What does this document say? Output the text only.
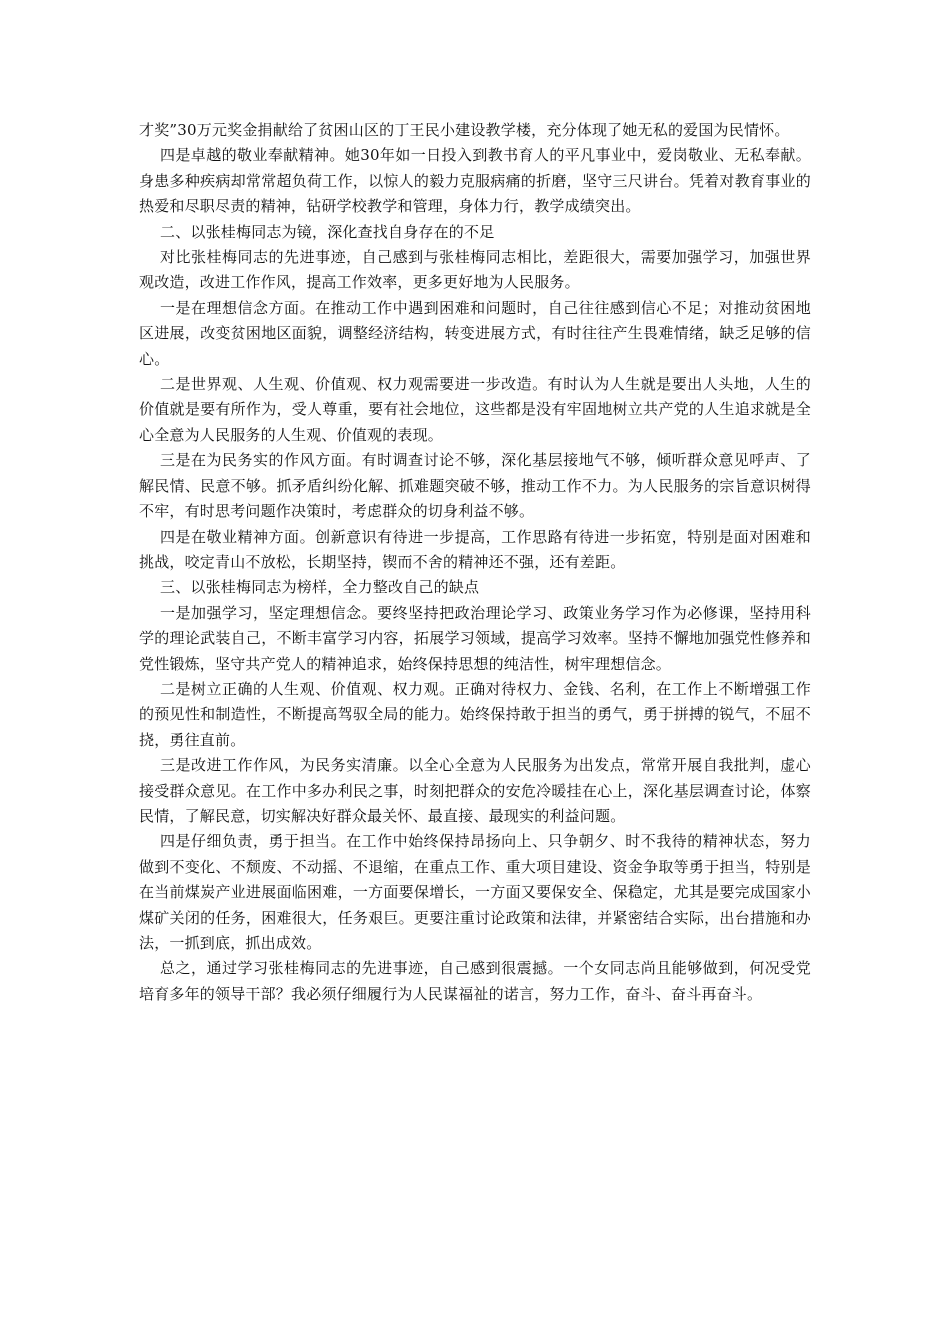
才奖”30万元奖金捐献给了贫困山区的丁王民小建设教学楼，充分体现了她无私的爱国为民情怀。

四是卓越的敬业奉献精神。她30年如一日投入到教书育人的平凡事业中，爱岗敬业、无私奉献。身患多种疾病却常常超负荷工作，以惊人的毅力克服病痛的折磨，坚守三尺讲台。凭着对教育事业的热爱和尽职尽责的精神，钻研学校教学和管理，身体力行，教学成绩突出。

二、以张桂梅同志为镜，深化查找自身存在的不足

对比张桂梅同志的先进事迹，自己感到与张桂梅同志相比，差距很大，需要加强学习，加强世界观改造，改进工作作风，提高工作效率，更多更好地为人民服务。

一是在理想信念方面。在推动工作中遇到困难和问题时，自己往往感到信心不足；对推动贫困地区进展，改变贫困地区面貌，调整经济结构，转变进展方式，有时往往产生畏难情绪，缺乏足够的信心。

二是世界观、人生观、价值观、权力观需要进一步改造。有时认为人生就是要出人头地，人生的价值就是要有所作为，受人尊重，要有社会地位，这些都是没有牢固地树立共产党的人生追求就是全心全意为人民服务的人生观、价值观的表现。

三是在为民务实的作风方面。有时调查讨论不够，深化基层接地气不够，倾听群众意见呼声、了解民情、民意不够。抓矛盾纠纷化解、抓难题突破不够，推动工作不力。为人民服务的宗旨意识树得不牢，有时思考问题作决策时，考虑群众的切身利益不够。

四是在敬业精神方面。创新意识有待进一步提高，工作思路有待进一步拓宽，特别是面对困难和挑战，咬定青山不放松，长期坚持，锲而不舍的精神还不强，还有差距。

三、以张桂梅同志为榜样，全力整改自己的缺点

一是加强学习，坚定理想信念。要终坚持把政治理论学习、政策业务学习作为必修课，坚持用科学的理论武装自己，不断丰富学习内容，拓展学习领域，提高学习效率。坚持不懈地加强党性修养和党性锻炼，坚守共产党人的精神追求，始终保持思想的纯洁性，树牢理想信念。

二是树立正确的人生观、价值观、权力观。正确对待权力、金钱、名利，在工作上不断增强工作的预见性和制造性，不断提高驾驭全局的能力。始终保持敢于担当的勇气，勇于拼搏的锐气，不屈不挠，勇往直前。

三是改进工作作风，为民务实清廉。以全心全意为人民服务为出发点，常常开展自我批判，虚心接受群众意见。在工作中多办利民之事，时刻把群众的安危冷暖挂在心上，深化基层调查讨论，体察民情，了解民意，切实解决好群众最关怀、最直接、最现实的利益问题。

四是仔细负责，勇于担当。在工作中始终保持昂扬向上、只争朝夕、时不我待的精神状态，努力做到不变化、不颓废、不动摇、不退缩，在重点工作、重大项目建设、资金争取等勇于担当，特别是在当前煤炭产业进展面临困难，一方面要保增长，一方面又要保安全、保稳定，尤其是要完成国家小煤矿关闭的任务，困难很大，任务艰巨。更要注重讨论政策和法律，并紧密结合实际，出台措施和办法，一抓到底，抓出成效。

总之，通过学习张桂梅同志的先进事迹，自己感到很震撼。一个女同志尚且能够做到，何况受党培育多年的领导干部？我必须仔细履行为人民谋福祉的诺言，努力工作，奋斗、奋斗再奋斗。
